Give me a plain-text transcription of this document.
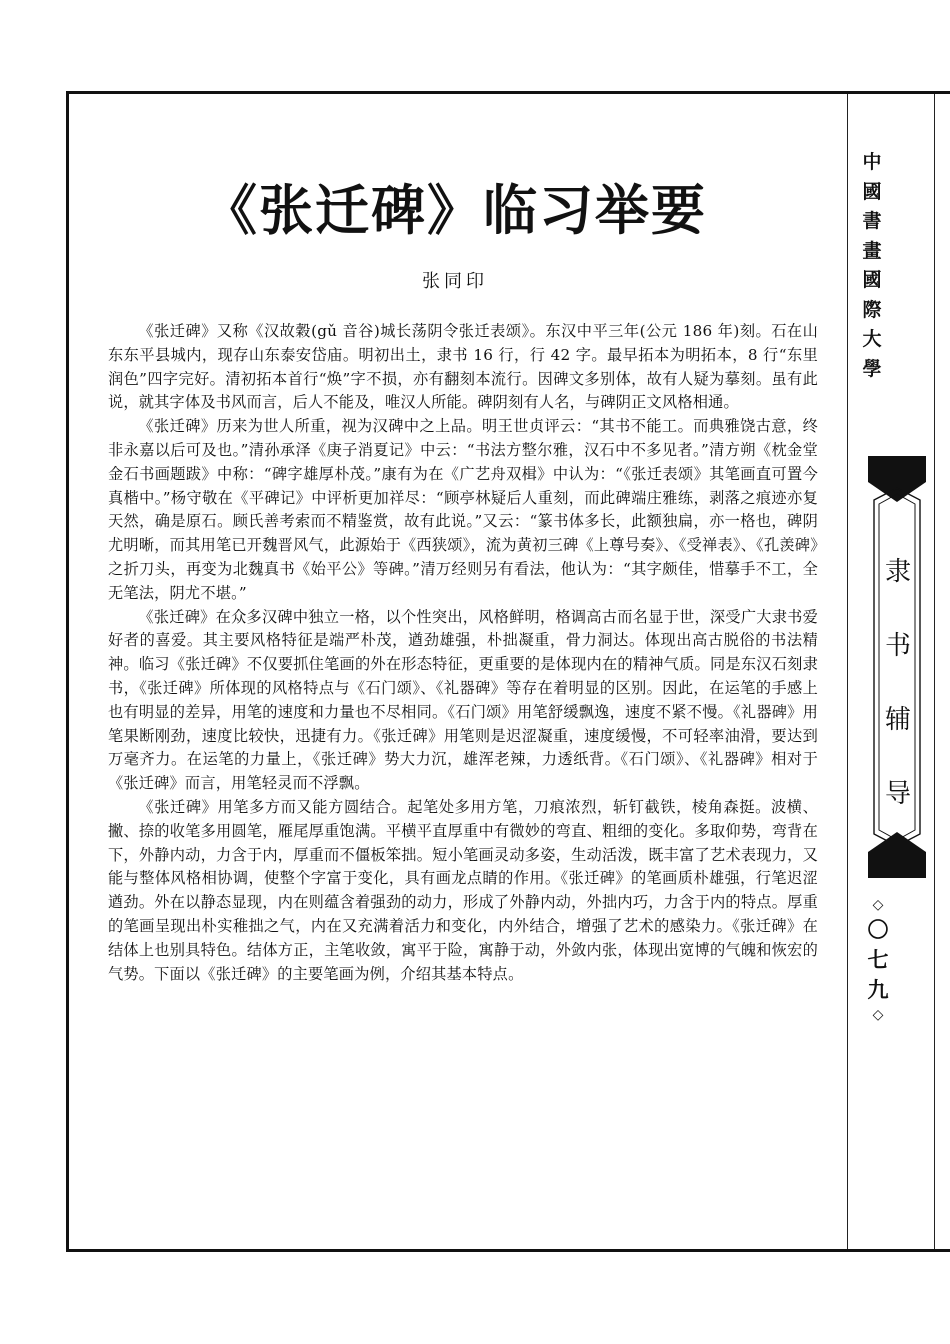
《张迁碑》临习举要
张同印

《张迁碑》又称《汉故穀(gǔ 音谷)城长荡阴令张迁表颂》。东汉中平三年(公元 186 年)刻。石在山东东平县城内，现存山东泰安岱庙。明初出土，隶书 16 行，行 42 字。最早拓本为明拓本，8 行“东里润色”四字完好。清初拓本首行“焕”字不损，亦有翻刻本流行。因碑文多别体，故有人疑为摹刻。虽有此说，就其字体及书风而言，后人不能及，唯汉人所能。碑阴刻有人名，与碑阴正文风格相通。

《张迁碑》历来为世人所重，视为汉碑中之上品。明王世贞评云：“其书不能工。而典雅饶古意，终非永嘉以后可及也。”清孙承泽《庚子消夏记》中云：“书法方整尔雅，汉石中不多见者。”清方朔《枕金堂金石书画题跋》中称：“碑字雄厚朴茂。”康有为在《广艺舟双楫》中认为：“《张迁表颂》其笔画直可置今真楷中。”杨守敬在《平碑记》中评析更加祥尽：“顾亭林疑后人重刻，而此碑端庄雅练，剥落之痕迹亦复天然，确是原石。顾氏善考索而不精鉴赏，故有此说。”又云：“篆书体多长，此额独扁，亦一格也，碑阴尤明晰，而其用笔已开魏晋风气，此源始于《西狭颂》，流为黄初三碑《上尊号奏》、《受禅表》、《孔羡碑》之折刀头，再变为北魏真书《始平公》等碑。”清万经则另有看法，他认为：“其字颇佳，惜摹手不工，全无笔法，阴尤不堪。”

《张迁碑》在众多汉碑中独立一格，以个性突出，风格鲜明，格调高古而名显于世，深受广大隶书爱好者的喜爱。其主要风格特征是端严朴茂，遒劲雄强，朴拙凝重，骨力洞达。体现出高古脱俗的书法精神。临习《张迁碑》不仅要抓住笔画的外在形态特征，更重要的是体现内在的精神气质。同是东汉石刻隶书，《张迁碑》所体现的风格特点与《石门颂》、《礼器碑》等存在着明显的区别。因此，在运笔的手感上也有明显的差异，用笔的速度和力量也不尽相同。《石门颂》用笔舒缓飘逸，速度不紧不慢。《礼器碑》用笔果断刚劲，速度比较快，迅捷有力。《张迁碑》用笔则是迟涩凝重，速度缓慢，不可轻率油滑，要达到万毫齐力。在运笔的力量上，《张迁碑》势大力沉，雄浑老辣，力透纸背。《石门颂》、《礼器碑》相对于《张迁碑》而言，用笔轻灵而不浮飘。

《张迁碑》用笔多方而又能方圆结合。起笔处多用方笔，刀痕浓烈，斩钉截铁，棱角森挺。波横、撇、捺的收笔多用圆笔，雁尾厚重饱满。平横平直厚重中有微妙的弯直、粗细的变化。多取仰势，弯背在下，外静内动，力含于内，厚重而不僵板笨拙。短小笔画灵动多姿，生动活泼，既丰富了艺术表现力，又能与整体风格相协调，使整个字富于变化，具有画龙点睛的作用。《张迁碑》的笔画质朴雄强，行笔迟涩遒劲。外在以静态显现，内在则蕴含着强劲的动力，形成了外静内动，外拙内巧，力含于内的特点。厚重的笔画呈现出朴实稚拙之气，内在又充满着活力和变化，内外结合，增强了艺术的感染力。《张迁碑》在结体上也别具特色。结体方正，主笔收敛，寓平于险，寓静于动，外敛内张，体现出宽博的气魄和恢宏的气势。下面以《张迁碑》的主要笔画为例，介绍其基本特点。

中
國
書
畫
國
際
大
學
隶
书
辅
导
◇
〇
七
九
◇
